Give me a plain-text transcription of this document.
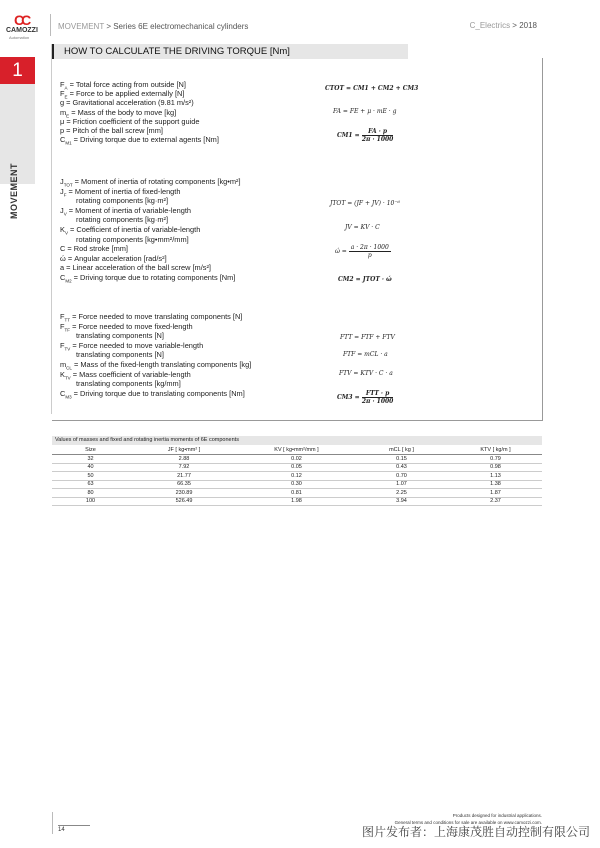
CC
CAMOZZI
Automation
MOVEMENT > Series 6E electromechanical cylinders	C_Electrics > 2018
1
MOVEMENT
HOW TO CALCULATE THE DRIVING TORQUE [Nm]
$F_A$ = Total force acting from outside [N]
$F_E$ = Force to be applied externally [N]
g = Gravitational acceleration (9.81 m/s²)
$m_E$ = Mass of the body to move [kg]
μ = Friction coefficient of the support guide
p = Pitch of the ball screw [mm]
$C_{M1}$ = Driving torque due to external agents [Nm]
$J_{TOT}$ = Moment of inertia of rotating components [kg•m²]
$J_F$ = Moment of inertia of fixed-length
rotating components [kg·m²]
$J_V$ = Moment of inertia of variable-length
rotating components [kg·m²]
$K_V$ = Coefficient of inertia of variable-length
rotating components [kg•mm²/mm]
C = Rod stroke [mm]
ώ = Angular acceleration [rad/s²]
a = Linear acceleration of the ball screw [m/s²]
$C_{M2}$ = Driving torque due to rotating components [Nm]
$F_{TT}$ = Force needed to move translating components [N]
$F_{TF}$ = Force needed to move fixed-length
translating components [N]
$F_{TV}$ = Force needed to move variable-length
translating components [N]
$m_{CL}$ = Mass of the fixed-length translating components [kg]
$K_{TV}$ = Mass coefficient of variable-length
translating components [kg/mm]
$C_{M3}$ = Driving torque due to translating components [Nm]
CTOT = CM1 + CM2 + CM3
FA = FE + μ · mE · g
$CM1 = \frac{FA \cdot p}{2\pi \cdot 1000}$
JTOT = (JF + JV) · 10⁻⁶
JV = KV · C
$ώ = \frac{a \cdot 2\pi \cdot 1000}{p}$
CM2 = JTOT · ώ
FTT = FTF + FTV
FTF = mCL · a
FTV = KTV · C · a
$CM3 = \frac{\text{FTT · p}}{2\pi \cdot 1000}$
Values of masses and fixed and rotating inertia moments of 6E components
Size	JF [ kg•mm² ]	KV [ kg•mm²/mm ]	mCL [ kg ]	KTV [ kg/m ]
32	2.88	0.02	0.15	0.79
40	7.92	0.05	0.43	0.98
50	21.77	0.12	0.70	1.13
63	66.35	0.30	1.07	1.38
80	230.89	0.81	2.25	1.87
100	526.49	1.98	3.94	2.37
14
Products designed for industrial applications.
General terms and conditions for sale are available on www.camozzi.com.
图片发布者：上海康茂胜自动控制有限公司
